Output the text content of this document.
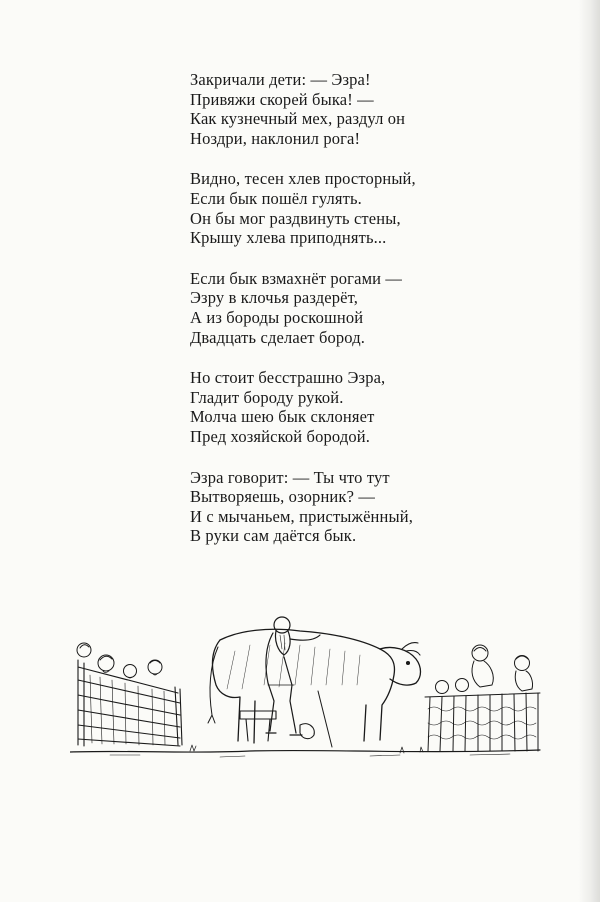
Закричали дети: — Эзра!
Привяжи скорей быка! —
Как кузнечный мех, раздул он
Ноздри, наклонил рога!
Видно, тесен хлев просторный,
Если бык пошёл гулять.
Он бы мог раздвинуть стены,
Крышу хлева приподнять...
Если бык взмахнёт рогами —
Эзру в клочья раздерёт,
А из бороды роскошной
Двадцать сделает бород.
Но стоит бесстрашно Эзра,
Гладит бороду рукой.
Молча шею бык склоняет
Пред хозяйской бородой.
Эзра говорит: — Ты что тут
Вытворяешь, озорник? —
И с мычаньем, пристыжённый,
В руки сам даётся бык.
